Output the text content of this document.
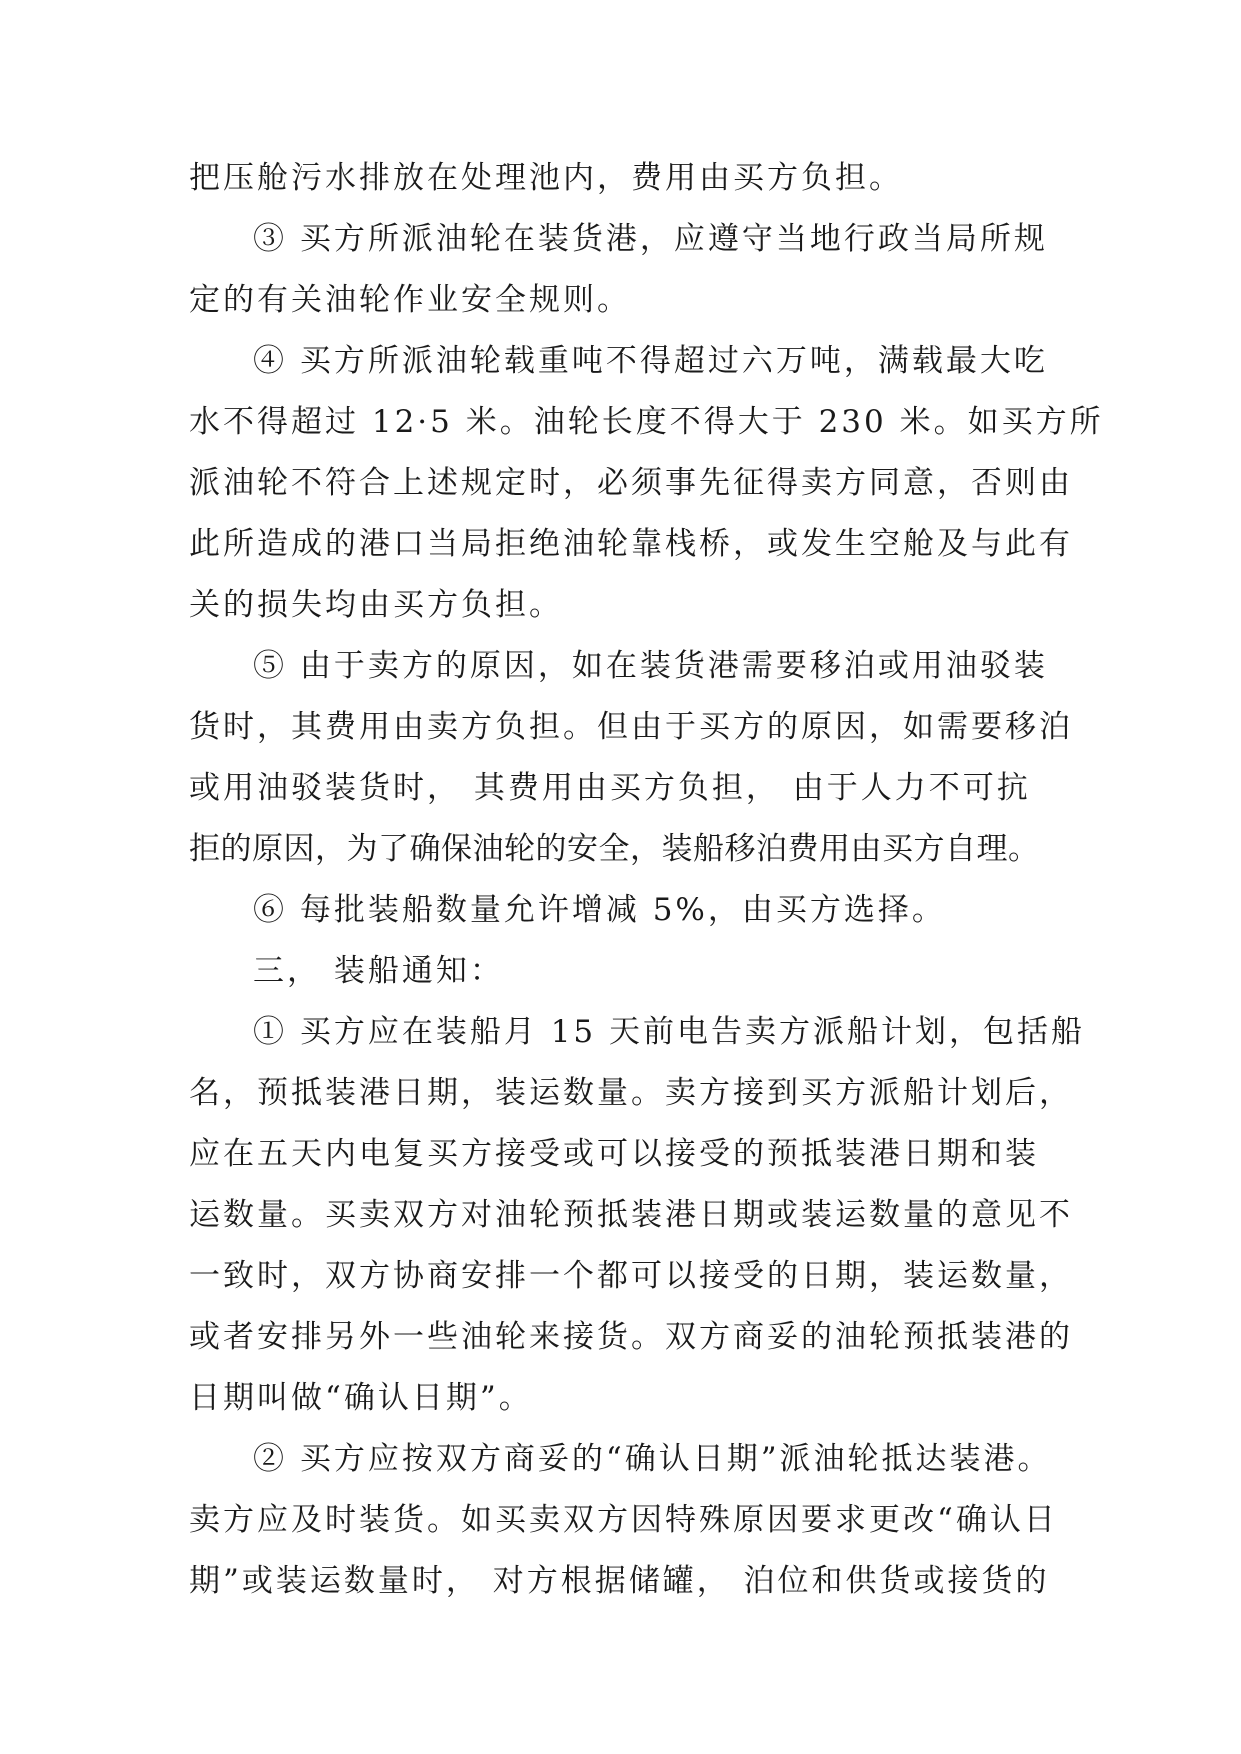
把压舱污水排放在处理池内，费用由买方负担。
③ 买方所派油轮在装货港，应遵守当地行政当局所规
定的有关油轮作业安全规则。
④ 买方所派油轮载重吨不得超过六万吨，满载最大吃
水不得超过 12·5 米。油轮长度不得大于 230 米。如买方所
派油轮不符合上述规定时，必须事先征得卖方同意，否则由
此所造成的港口当局拒绝油轮靠栈桥，或发生空舱及与此有
关的损失均由买方负担。
⑤ 由于卖方的原因，如在装货港需要移泊或用油驳装
货时，其费用由卖方负担。但由于买方的原因，如需要移泊
或用油驳装货时， 其费用由买方负担， 由于人力不可抗
拒的原因，为了确保油轮的安全，装船移泊费用由买方自理。
⑥ 每批装船数量允许增减 5%，由买方选择。
三， 装船通知：
① 买方应在装船月 15 天前电告卖方派船计划，包括船
名，预抵装港日期，装运数量。卖方接到买方派船计划后，
应在五天内电复买方接受或可以接受的预抵装港日期和装
运数量。买卖双方对油轮预抵装港日期或装运数量的意见不
一致时，双方协商安排一个都可以接受的日期，装运数量，
或者安排另外一些油轮来接货。双方商妥的油轮预抵装港的
日期叫做“确认日期”。
② 买方应按双方商妥的“确认日期”派油轮抵达装港。
卖方应及时装货。如买卖双方因特殊原因要求更改“确认日
期”或装运数量时， 对方根据储罐， 泊位和供货或接货的
